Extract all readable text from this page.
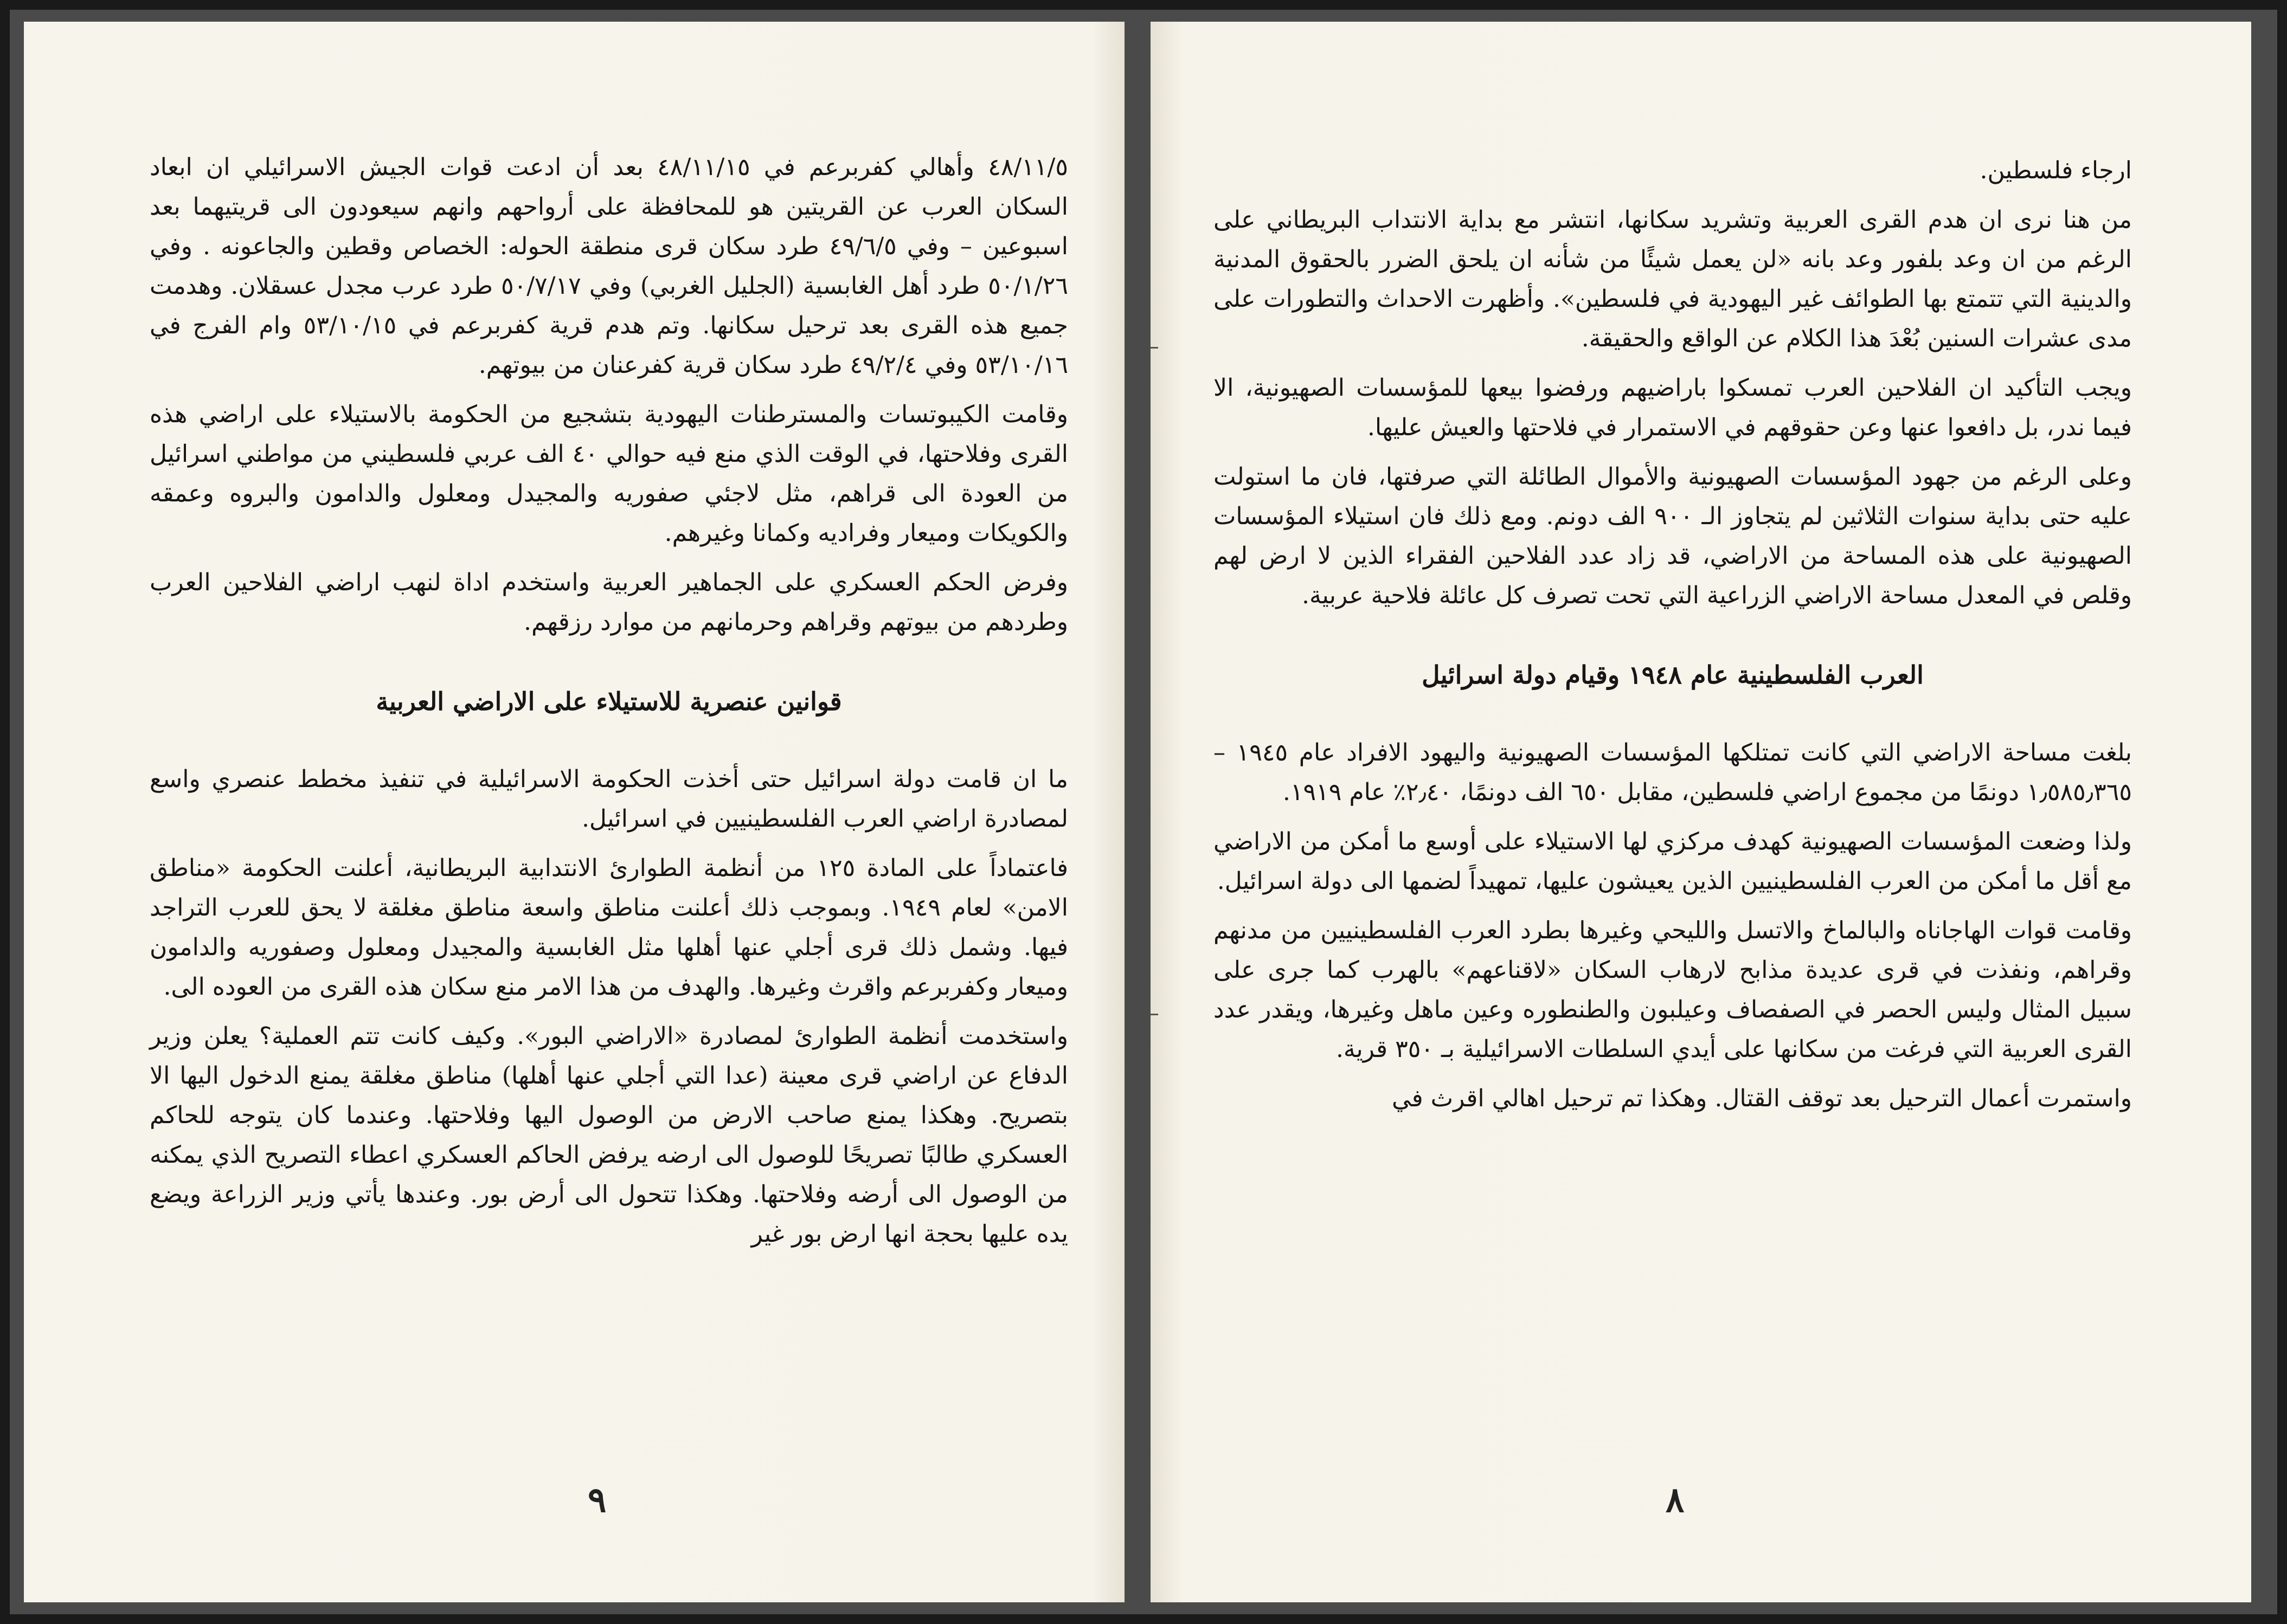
٤٨/١١/٥ وأهالي كفربرعم في ٤٨/١١/١٥ بعد أن ادعت قوات الجيش الاسرائيلي ان ابعاد السكان العرب عن القريتين هو للمحافظة على أرواحهم وانهم سيعودون الى قريتيهما بعد اسبوعين – وفي ٤٩/٦/٥ طرد سكان قرى منطقة الحوله: الخصاص وقطين والجاعونه . وفي ٥٠/١/٢٦ طرد أهل الغابسية (الجليل الغربي) وفي ٥٠/٧/١٧ طرد عرب مجدل عسقلان. وهدمت جميع هذه القرى بعد ترحيل سكانها. وتم هدم قرية كفربرعم في ٥٣/١٠/١٥ وام الفرج في ٥٣/١٠/١٦ وفي ٤٩/٢/٤ طرد سكان قرية كفرعنان من بيوتهم.

وقامت الكيبوتسات والمسترطنات اليهودية بتشجيع من الحكومة بالاستيلاء على اراضي هذه القرى وفلاحتها، في الوقت الذي منع فيه حوالي ٤٠ الف عربي فلسطيني من مواطني اسرائيل من العودة الى قراهم، مثل لاجئي صفوريه والمجيدل ومعلول والدامون والبروه وعمقه والكويكات وميعار وفراديه وكمانا وغيرهم.

وفرض الحكم العسكري على الجماهير العربية واستخدم اداة لنهب اراضي الفلاحين العرب وطردهم من بيوتهم وقراهم وحرمانهم من موارد رزقهم.

قوانين عنصرية للاستيلاء على الاراضي العربية

ما ان قامت دولة اسرائيل حتى أخذت الحكومة الاسرائيلية في تنفيذ مخطط عنصري واسع لمصادرة اراضي العرب الفلسطينيين في اسرائيل.

فاعتماداً على المادة ١٢٥ من أنظمة الطوارئ الانتدابية البريطانية، أعلنت الحكومة «مناطق الامن» لعام ١٩٤٩. وبموجب ذلك أعلنت مناطق واسعة مناطق مغلقة لا يحق للعرب التراجد فيها. وشمل ذلك قرى أجلي عنها أهلها مثل الغابسية والمجيدل ومعلول وصفوريه والدامون وميعار وكفربرعم واقرث وغيرها. والهدف من هذا الامر منع سكان هذه القرى من العوده الى.

واستخدمت أنظمة الطوارئ لمصادرة «الاراضي البور». وكيف كانت تتم العملية؟ يعلن وزير الدفاع عن اراضي قرى معينة (عدا التي أجلي عنها أهلها) مناطق مغلقة يمنع الدخول اليها الا بتصريح. وهكذا يمنع صاحب الارض من الوصول اليها وفلاحتها. وعندما كان يتوجه للحاكم العسكري طالبًا تصريحًا للوصول الى ارضه يرفض الحاكم العسكري اعطاء التصريح الذي يمكنه من الوصول الى أرضه وفلاحتها. وهكذا تتحول الى أرض بور. وعندها يأتي وزير الزراعة ويضع يده عليها بحجة انها ارض بور غير

٩

ارجاء فلسطين.

من هنا نرى ان هدم القرى العربية وتشريد سكانها، انتشر مع بداية الانتداب البريطاني على الرغم من ان وعد بلفور وعد بانه «لن يعمل شيئًا من شأنه ان يلحق الضرر بالحقوق المدنية والدينية التي تتمتع بها الطوائف غير اليهودية في فلسطين». وأظهرت الاحداث والتطورات على مدى عشرات السنين بُعْدَ هذا الكلام عن الواقع والحقيقة.

ويجب التأكيد ان الفلاحين العرب تمسكوا باراضيهم ورفضوا بيعها للمؤسسات الصهيونية، الا فيما ندر، بل دافعوا عنها وعن حقوقهم في الاستمرار في فلاحتها والعيش عليها.

وعلى الرغم من جهود المؤسسات الصهيونية والأموال الطائلة التي صرفتها، فان ما استولت عليه حتى بداية سنوات الثلاثين لم يتجاوز الـ ٩٠٠ الف دونم. ومع ذلك فان استيلاء المؤسسات الصهيونية على هذه المساحة من الاراضي، قد زاد عدد الفلاحين الفقراء الذين لا ارض لهم وقلص في المعدل مساحة الاراضي الزراعية التي تحت تصرف كل عائلة فلاحية عربية.

العرب الفلسطينية عام ١٩٤٨ وقيام دولة اسرائيل

بلغت مساحة الاراضي التي كانت تمتلكها المؤسسات الصهيونية واليهود الافراد عام ١٩٤٥ – ١٫٥٨٥٫٣٦٥ دونمًا من مجموع اراضي فلسطين، مقابل ٦٥٠ الف دونمًا، ٢٫٤٠٪ عام ١٩١٩.

ولذا وضعت المؤسسات الصهيونية كهدف مركزي لها الاستيلاء على أوسع ما أمكن من الاراضي مع أقل ما أمكن من العرب الفلسطينيين الذين يعيشون عليها، تمهيداً لضمها الى دولة اسرائيل.

وقامت قوات الهاجاناه والبالماخ والاتسل والليحي وغيرها بطرد العرب الفلسطينيين من مدنهم وقراهم، ونفذت في قرى عديدة مذابح لارهاب السكان «لاقناعهم» بالهرب كما جرى على سبيل المثال وليس الحصر في الصفصاف وعيلبون والطنطوره وعين ماهل وغيرها، ويقدر عدد القرى العربية التي فرغت من سكانها على أيدي السلطات الاسرائيلية بـ ٣٥٠ قرية.

واستمرت أعمال الترحيل بعد توقف القتال. وهكذا تم ترحيل اهالي اقرث في

٨
